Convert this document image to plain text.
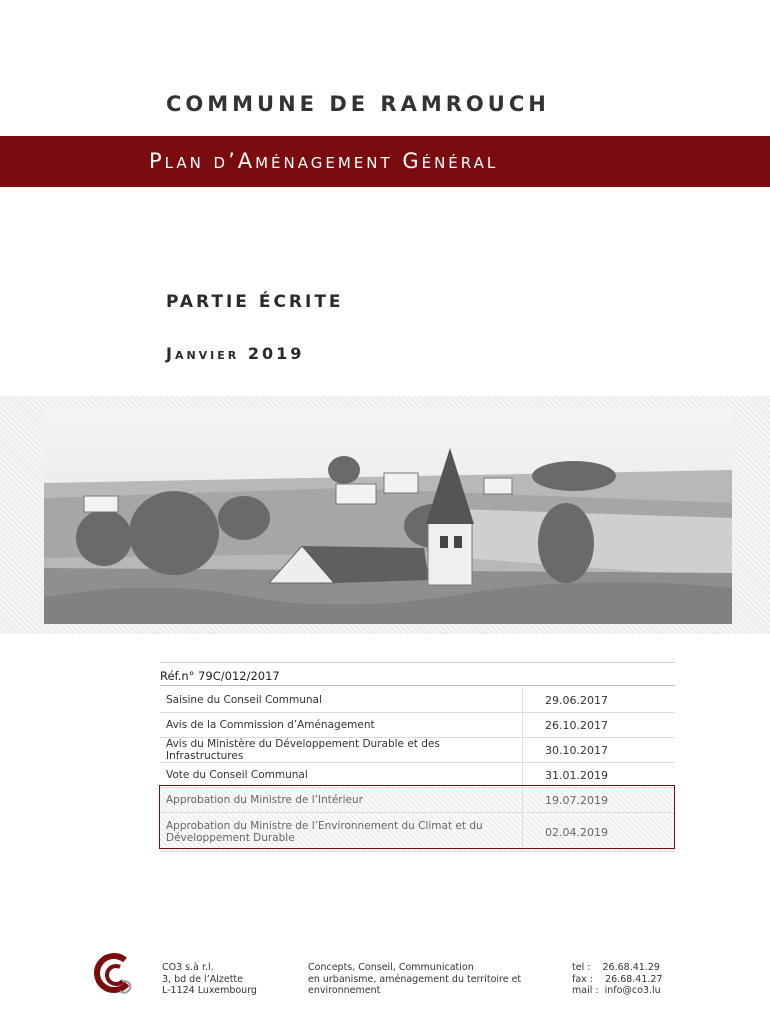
COMMUNE DE RAMROUCH
Plan d’Aménagement Général
PARTIE ÉCRITE
Janvier 2019
Réf.n° 79C/012/2017
Saisine du Conseil Communal	29.06.2017
Avis de la Commission d’Aménagement	26.10.2017
Avis du Ministère du Développement Durable et des Infrastructures	30.10.2017
Vote du Conseil Communal	31.01.2019
Approbation du Ministre de l’Intérieur	19.07.2019
Approbation du Ministre de l’Environnement du Climat et du Développement Durable	02.04.2019
CO3 s.à r.l.
3, bd de l’Alzette
L-1124 Luxembourg
Concepts, Conseil, Communication
en urbanisme, aménagement du territoire et
environnement
tel :    26.68.41.29
fax :    26.68.41.27
mail :  info@co3.lu
